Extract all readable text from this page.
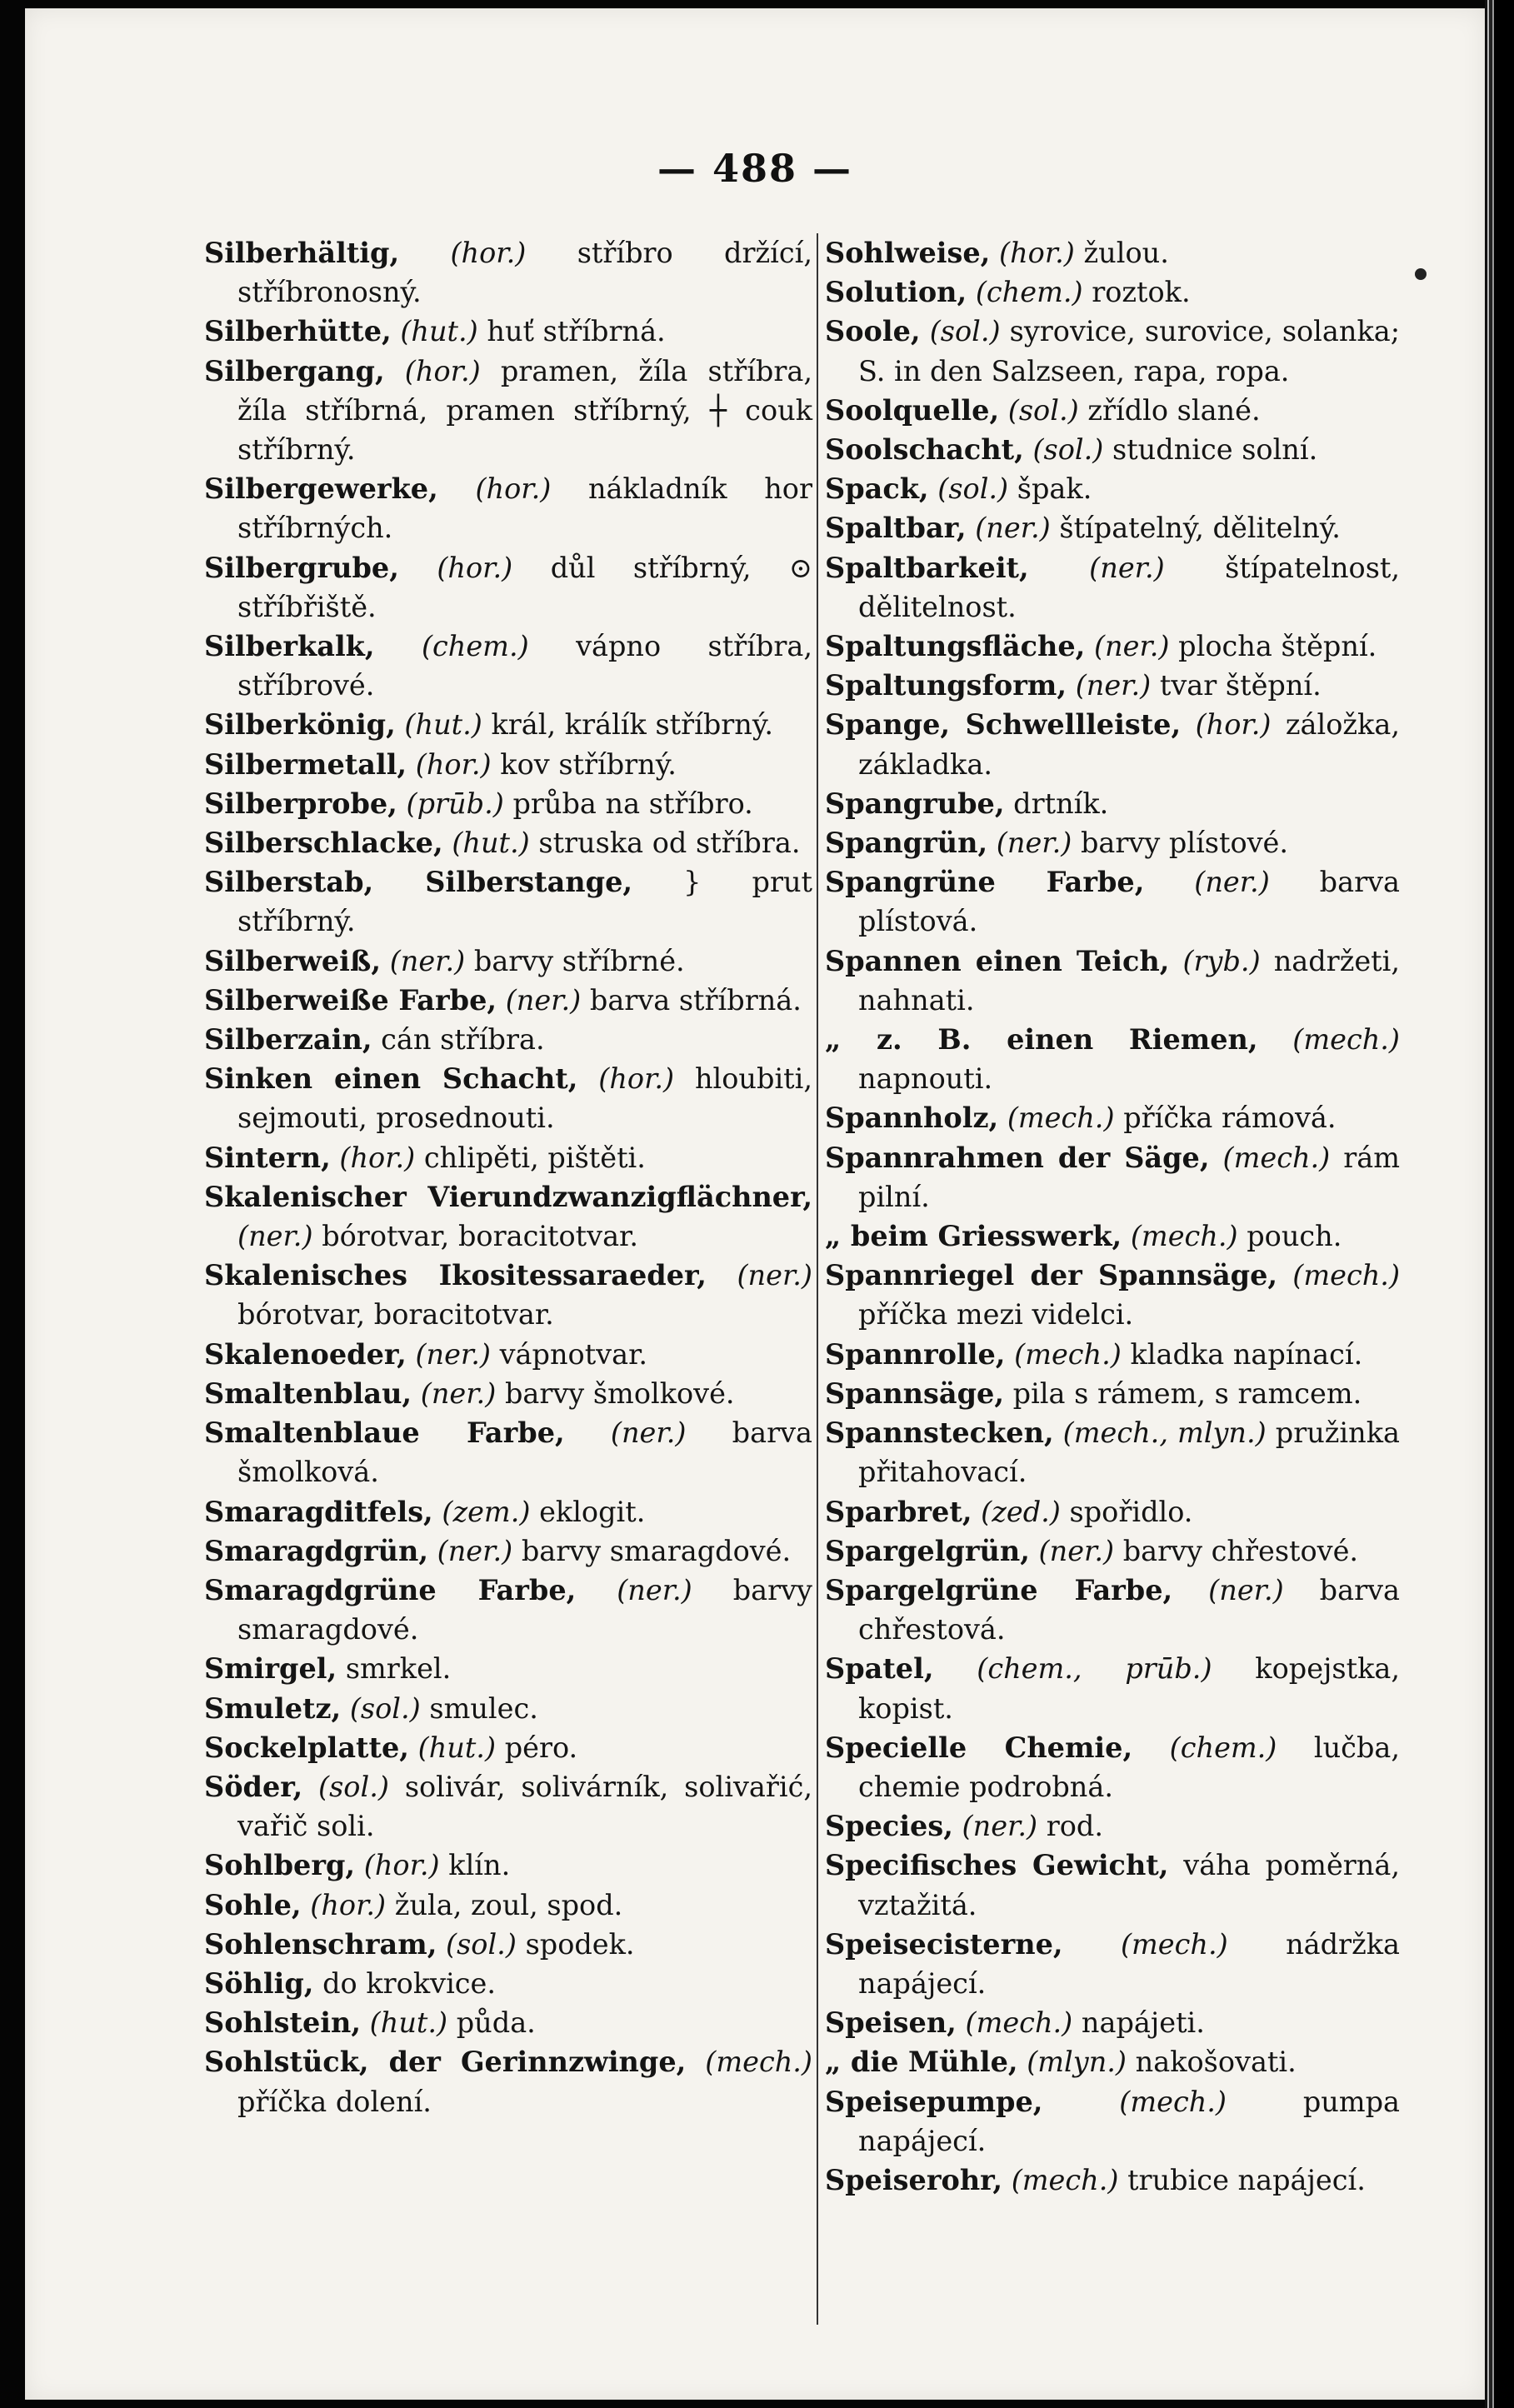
— 488 —

Silberhältig, (hor.) stříbro držící, stříbronosný.

Silberhütte, (hut.) huť stříbrná.

Silbergang, (hor.) pramen, žíla stříbra, žíla stříbrná, pramen stříbrný, ┼ couk stříbrný.

Silbergewerke, (hor.) nákladník hor stříbrných.

Silbergrube, (hor.) důl stříbrný, ⊙ stříbřiště.

Silberkalk, (chem.) vápno stříbra, stříbrové.

Silberkönig, (hut.) král, králík stříbrný.

Silbermetall, (hor.) kov stříbrný.

Silberprobe, (prūb.) průba na stříbro.

Silberschlacke, (hut.) struska od stříbra.

Silberstab, Silberstange, } prut stříbrný.

Silberweiß, (ner.) barvy stříbrné.

Silberweiße Farbe, (ner.) barva stříbrná.

Silberzain, cán stříbra.

Sinken einen Schacht, (hor.) hloubiti, sejmouti, prosednouti.

Sintern, (hor.) chlipěti, pištěti.

Skalenischer Vierundzwanzigflächner, (ner.) bórotvar, boracitotvar.

Skalenisches Ikositessaraeder, (ner.) bórotvar, boracitotvar.

Skalenoeder, (ner.) vápnotvar.

Smaltenblau, (ner.) barvy šmolkové.

Smaltenblaue Farbe, (ner.) barva šmolková.

Smaragditfels, (zem.) eklogit.

Smaragdgrün, (ner.) barvy smaragdové.

Smaragdgrüne Farbe, (ner.) barvy smaragdové.

Smirgel, smrkel.

Smuletz, (sol.) smulec.

Sockelplatte, (hut.) péro.

Söder, (sol.) solivár, solivárník, solivařić, vařič soli.

Sohlberg, (hor.) klín.

Sohle, (hor.) žula, zoul, spod.

Sohlenschram, (sol.) spodek.

Söhlig, do krokvice.

Sohlstein, (hut.) půda.

Sohlstück, der Gerinnzwinge, (mech.) příčka dolení.

Sohlweise, (hor.) žulou.

Solution, (chem.) roztok.

Soole, (sol.) syrovice, surovice, solanka; S. in den Salzseen, rapa, ropa.

Soolquelle, (sol.) zřídlo slané.

Soolschacht, (sol.) studnice solní.

Spack, (sol.) špak.

Spaltbar, (ner.) štípatelný, dělitelný.

Spaltbarkeit, (ner.) štípatelnost, dělitelnost.

Spaltungsfläche, (ner.) plocha štěpní.

Spaltungsform, (ner.) tvar štěpní.

Spange, Schwellleiste, (hor.) záložka, základka.

Spangrube, drtník.

Spangrün, (ner.) barvy plístové.

Spangrüne Farbe, (ner.) barva plístová.

Spannen einen Teich, (ryb.) nadržeti, nahnati.

„ z. B. einen Riemen, (mech.) napnouti.

Spannholz, (mech.) příčka rámová.

Spannrahmen der Säge, (mech.) rám pilní.

„ beim Griesswerk, (mech.) pouch.

Spannriegel der Spannsäge, (mech.) příčka mezi videlci.

Spannrolle, (mech.) kladka napínací.

Spannsäge, pila s rámem, s ramcem.

Spannstecken, (mech., mlyn.) pružinka přitahovací.

Sparbret, (zed.) spořidlo.

Spargelgrün, (ner.) barvy chřestové.

Spargelgrüne Farbe, (ner.) barva chřestová.

Spatel, (chem., prūb.) kopejstka, kopist.

Specielle Chemie, (chem.) lučba, chemie podrobná.

Species, (ner.) rod.

Specifisches Gewicht, váha poměrná, vztažitá.

Speisecisterne, (mech.) nádržka napájecí.

Speisen, (mech.) napájeti.

„ die Mühle, (mlyn.) nakošovati.

Speisepumpe,	(mech.)	pumpa napájecí.

Speiserohr, (mech.) trubice napájecí.
